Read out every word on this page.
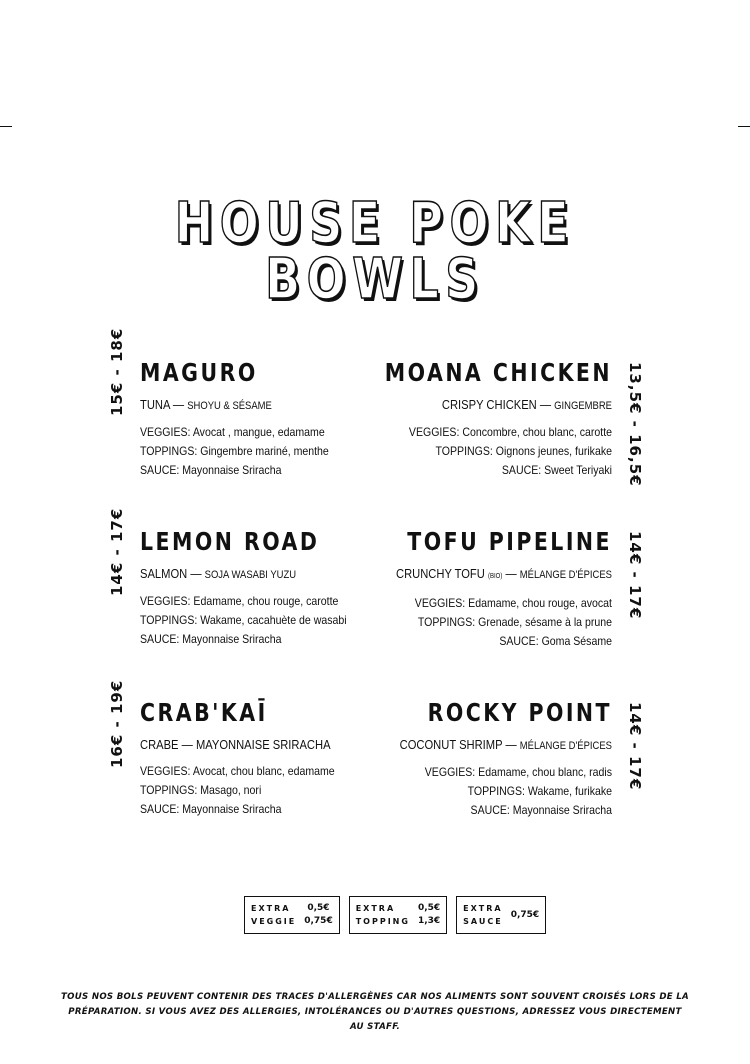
HOUSE POKE BOWLS
15€ - 18€ MAGURO
TUNA — SHOYU & SÉSAME
VEGGIES: Avocat , mangue, edamame
TOPPINGS: Gingembre mariné, menthe
SAUCE: Mayonnaise Sriracha	13,5€ - 16,5€
MOANA CHICKEN
CRISPY CHICKEN — GINGEMBRE
VEGGIES: Concombre, chou blanc, carotte
TOPPINGS: Oignons jeunes, furikake
SAUCE: Sweet Teriyaki
14€ - 17€ LEMON ROAD
SALMON — SOJA WASABI YUZU
VEGGIES: Edamame, chou rouge, carotte
TOPPINGS: Wakame, cacahuète de wasabi
SAUCE: Mayonnaise Sriracha
14€ - 17€
TOFU PIPELINE
CRUNCHY TOFU (BIO) — MÉLANGE D'ÉPICES
VEGGIES: Edamame, chou rouge, avocat
TOPPINGS: Grenade, sésame à la prune
SAUCE: Goma Sésame
16€ - 19€ CRAB'KAĪ
CRABE — MAYONNAISE SRIRACHA
VEGGIES: Avocat, chou blanc, edamame
TOPPINGS: Masago, nori
SAUCE: Mayonnaise Sriracha
14€ - 17€
ROCKY POINT
COCONUT SHRIMP — MÉLANGE D'ÉPICES
VEGGIES: Edamame, chou blanc, radis
TOPPINGS: Wakame, furikake
SAUCE: Mayonnaise Sriracha
EXTRA
VEGGIE
0,5€
0,75€
EXTRA
TOPPING
0,5€
1,3€
EXTRA
SAUCE
0,75€
TOUS NOS BOLS PEUVENT CONTENIR DES TRACES D'ALLERGÈNES CAR NOS ALIMENTS SONT SOUVENT CROISÉS LORS DE LA
PRÉPARATION. SI VOUS AVEZ DES ALLERGIES, INTOLÉRANCES OU D'AUTRES QUESTIONS, ADRESSEZ VOUS DIRECTEMENT AU STAFF.
